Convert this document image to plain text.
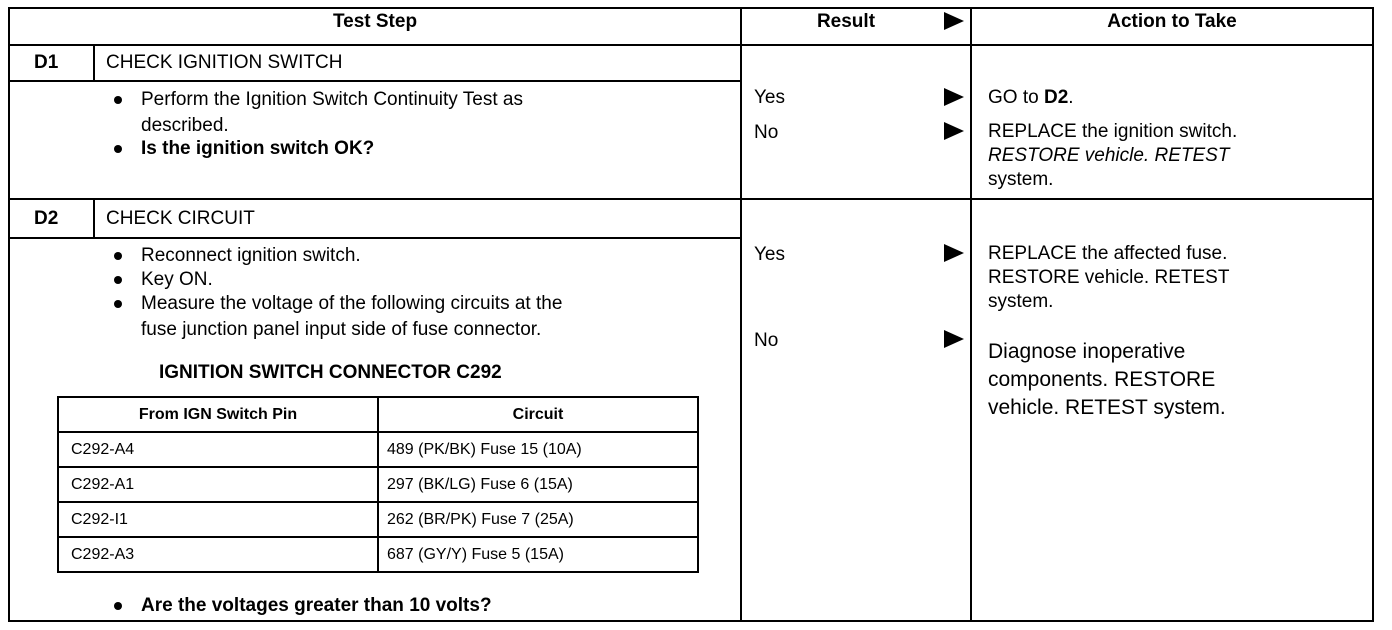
Test Step	Result	Action to Take
D1	CHECK IGNITION SWITCH
Perform the Ignition Switch Continuity Test as
described.
Is the ignition switch OK?
Yes	GO to D2.
No	REPLACE the ignition switch.
RESTORE vehicle. RETEST
system.
D2	CHECK CIRCUIT
Reconnect ignition switch.
Key ON.
Measure the voltage of the following circuits at the
fuse junction panel input side of fuse connector.
IGNITION SWITCH CONNECTOR C292
From IGN Switch Pin	Circuit
C292-A4	489 (PK/BK) Fuse 15 (10A)
C292-A1	297 (BK/LG) Fuse 6 (15A)
C292-I1	262 (BR/PK) Fuse 7 (25A)
C292-A3	687 (GY/Y) Fuse 5 (15A)
Are the voltages greater than 10 volts?
Yes	REPLACE the affected fuse.
RESTORE vehicle. RETEST
system.
No	Diagnose inoperative
components. RESTORE
vehicle. RETEST system.
